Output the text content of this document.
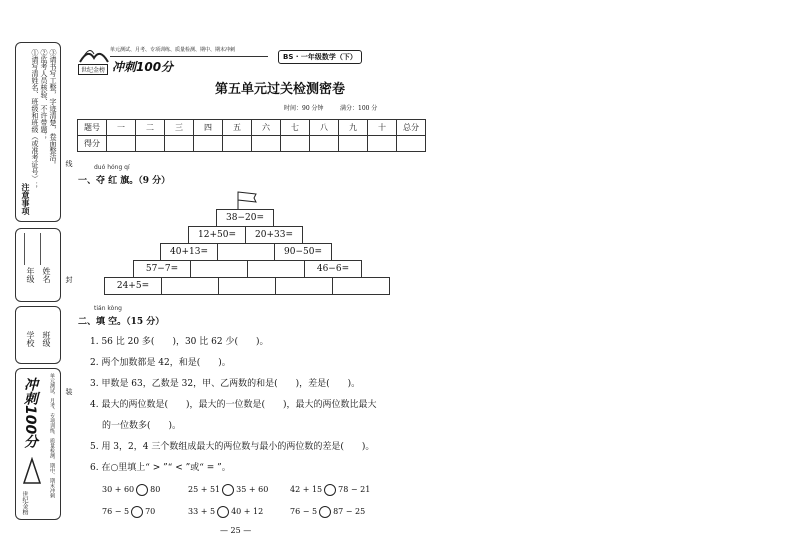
注意事项
①请写清姓名、班级和班级（或准考证号）； ②监考人员核验、不许带题； ③请书写工整，字迹清楚，卷面整洁。 线
年级 姓名 封
学校 班级
装
冲刺100分	单元测试、月考、专项训练、质量检测、期中、期末冲刺
世纪金榜
世纪金榜 冲刺100分
单元测试、月考、专项训练、质量检测、期中、期末冲刺
BS · 一年级数学（下）
第五单元过关检测密卷
时间：90 分钟	满分：100 分
题号	一	二	三	四	五	六	七	八	九	十	总分
得分											
duó hóng qí
一、夺 红 旗。（9 分）
38−20=
12+50=	20+33=
40+13=	90−50=
57−7=	46−6=
24+5=
tián kòng
二、填 空。（15 分）
1. 56 比 20 多(　　)，30 比 62 少(　　)。
2. 两个加数都是 42，和是(　　)。
3. 甲数是 63，乙数是 32，甲、乙两数的和是(　　)，差是(　　)。
4. 最大的两位数是(　　)，最大的一位数是(　　)，最大的两位数比最大
的一位数多(　　)。
5. 用 3，2，4 三个数组成最大的两位数与最小的两位数的差是(　　)。
6. 在○里填上“ > ”“ < ”或“ = ”。
30 + 60 80	25 + 51 35 + 60	42 + 15 78 − 21
76 − 5 70	33 + 5 40 + 12	76 − 5 87 − 25
— 25 —
